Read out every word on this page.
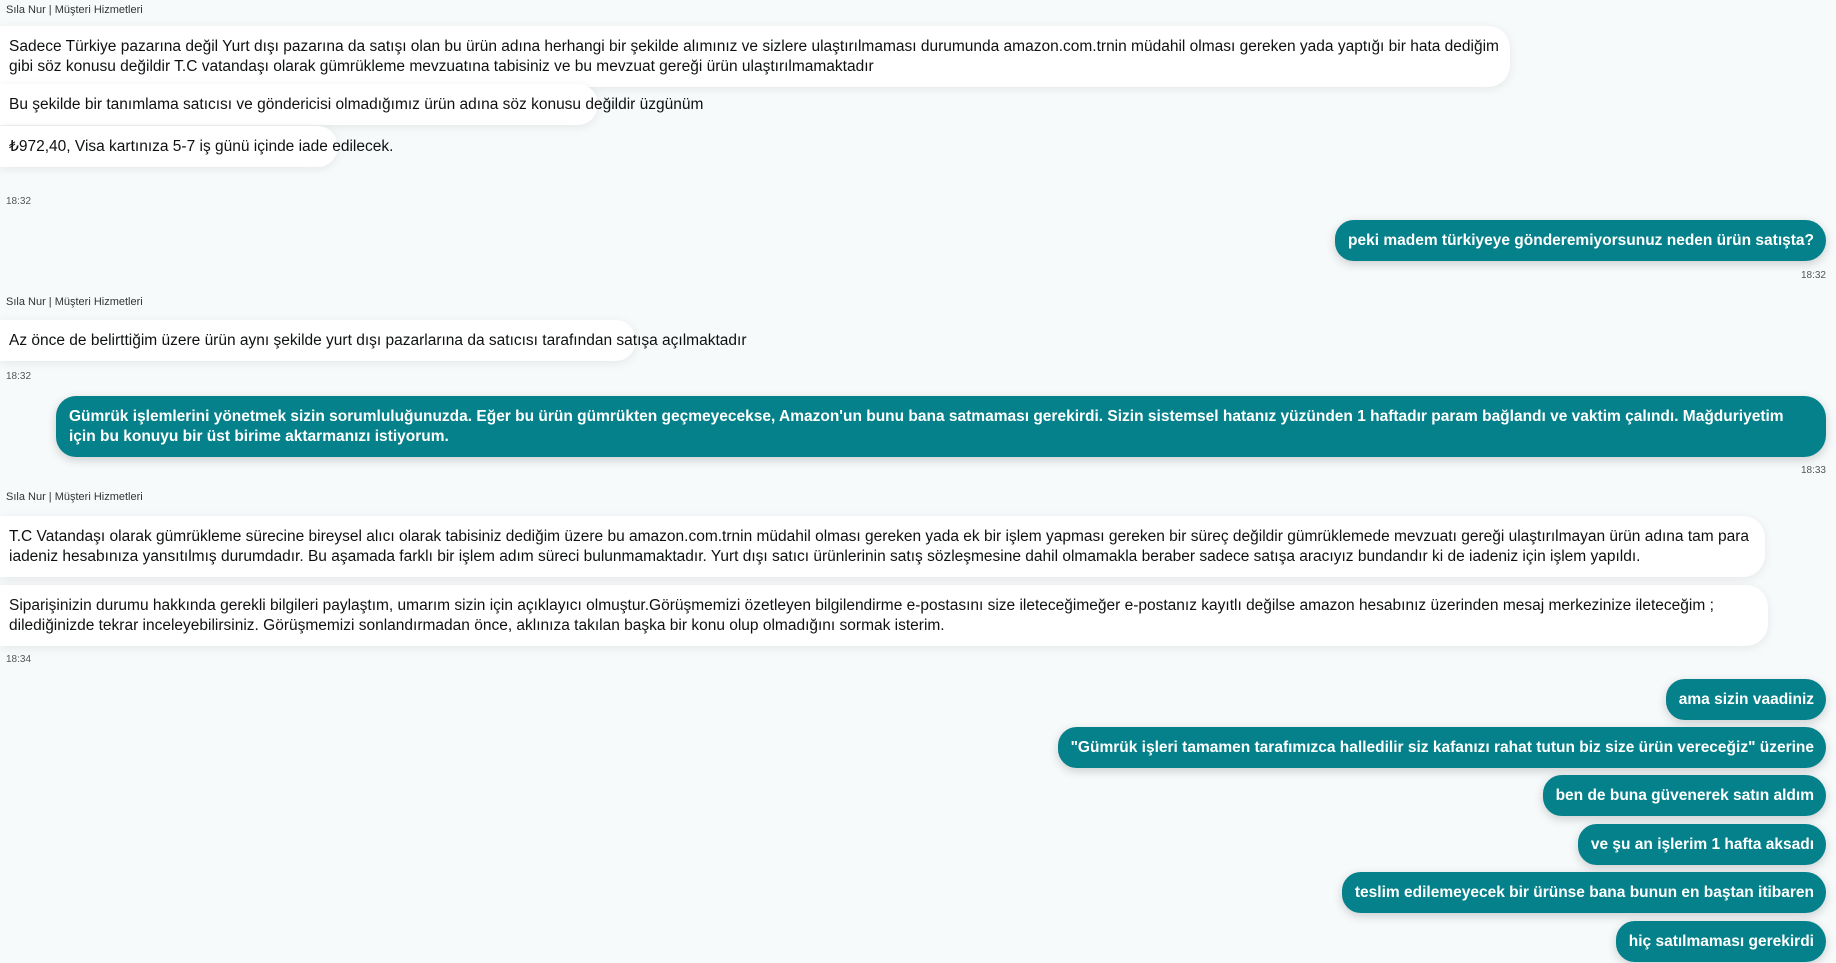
Sıla Nur | Müşteri Hizmetleri
Sadece Türkiye pazarına değil Yurt dışı pazarına da satışı olan bu ürün adına herhangi bir şekilde alımınız ve sizlere ulaştırılmaması durumunda amazon.com.trnin müdahil olması gereken yada yaptığı bir hata dediğim gibi söz konusu değildir T.C vatandaşı olarak gümrükleme mevzuatına tabisiniz ve bu mevzuat gereği ürün ulaştırılmamaktadır
Bu şekilde bir tanımlama satıcısı ve göndericisi olmadığımız ürün adına söz konusu değildir üzgünüm
₺972,40, Visa kartınıza 5-7 iş günü içinde iade edilecek.
18:32
peki madem türkiyeye gönderemiyorsunuz neden ürün satışta?
18:32
Sıla Nur | Müşteri Hizmetleri
Az önce de belirttiğim üzere ürün aynı şekilde yurt dışı pazarlarına da satıcısı tarafından satışa açılmaktadır
18:32
Gümrük işlemlerini yönetmek sizin sorumluluğunuzda. Eğer bu ürün gümrükten geçmeyecekse, Amazon'un bunu bana satmaması gerekirdi. Sizin sistemsel hatanız yüzünden 1 haftadır param bağlandı ve vaktim çalındı. Mağduriyetim için bu konuyu bir üst birime aktarmanızı istiyorum.
18:33
Sıla Nur | Müşteri Hizmetleri
T.C Vatandaşı olarak gümrükleme sürecine bireysel alıcı olarak tabisiniz dediğim üzere bu amazon.com.trnin müdahil olması gereken yada ek bir işlem yapması gereken bir süreç değildir gümrüklemede mevzuatı gereği ulaştırılmayan ürün adına tam para iadeniz hesabınıza yansıtılmış durumdadır. Bu aşamada farklı bir işlem adım süreci bulunmamaktadır. Yurt dışı satıcı ürünlerinin satış sözleşmesine dahil olmamakla beraber sadece satışa aracıyız bundandır ki de iadeniz için işlem yapıldı.
Siparişinizin durumu hakkında gerekli bilgileri paylaştım, umarım sizin için açıklayıcı olmuştur.Görüşmemizi özetleyen bilgilendirme e-postasını size ileteceğimeğer e-postanız kayıtlı değilse amazon hesabınız üzerinden mesaj merkezinize ileteceğim ; dilediğinizde tekrar inceleyebilirsiniz. Görüşmemizi sonlandırmadan önce, aklınıza takılan başka bir konu olup olmadığını sormak isterim.
18:34
ama sizin vaadiniz
"Gümrük işleri tamamen tarafımızca halledilir siz kafanızı rahat tutun biz size ürün vereceğiz" üzerine
ben de buna güvenerek satın aldım
ve şu an işlerim 1 hafta aksadı
teslim edilemeyecek bir ürünse bana bunun en baştan itibaren
hiç satılmaması gerekirdi
